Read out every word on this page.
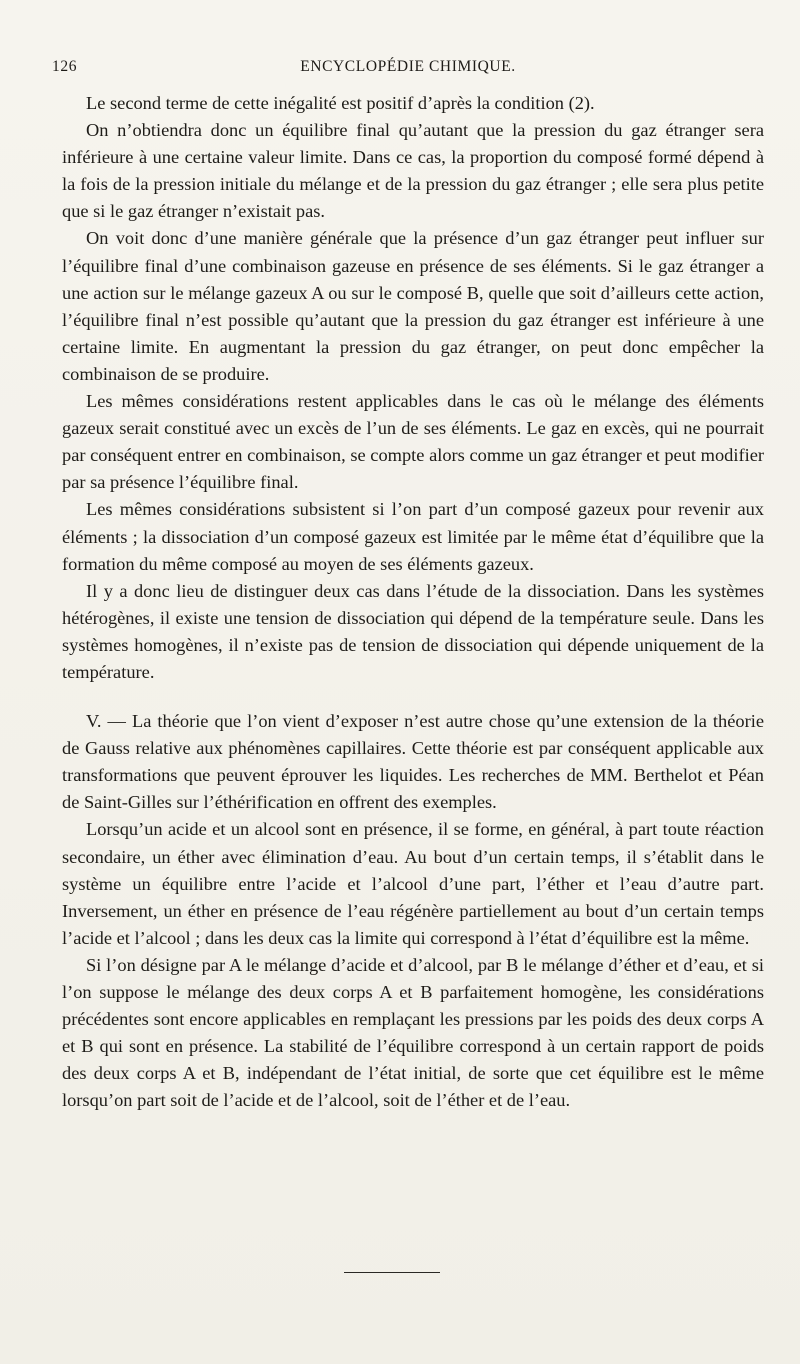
126	ENCYCLOPÉDIE CHIMIQUE.

Le second terme de cette inégalité est positif d’après la condition (2).

On n’obtiendra donc un équilibre final qu’autant que la pression du gaz étranger sera inférieure à une certaine valeur limite. Dans ce cas, la proportion du composé formé dépend à la fois de la pression initiale du mélange et de la pression du gaz étranger ; elle sera plus petite que si le gaz étranger n’existait pas.

On voit donc d’une manière générale que la présence d’un gaz étranger peut influer sur l’équilibre final d’une combinaison gazeuse en présence de ses éléments. Si le gaz étranger a une action sur le mélange gazeux A ou sur le composé B, quelle que soit d’ailleurs cette action, l’équilibre final n’est possible qu’autant que la pression du gaz étranger est inférieure à une certaine limite. En augmentant la pression du gaz étranger, on peut donc empêcher la combinaison de se produire.

Les mêmes considérations restent applicables dans le cas où le mélange des éléments gazeux serait constitué avec un excès de l’un de ses éléments. Le gaz en excès, qui ne pourrait par conséquent entrer en combinaison, se compte alors comme un gaz étranger et peut modifier par sa présence l’équilibre final.

Les mêmes considérations subsistent si l’on part d’un composé gazeux pour revenir aux éléments ; la dissociation d’un composé gazeux est limitée par le même état d’équilibre que la formation du même composé au moyen de ses éléments gazeux.

Il y a donc lieu de distinguer deux cas dans l’étude de la dissociation. Dans les systèmes hétérogènes, il existe une tension de dissociation qui dépend de la température seule. Dans les systèmes homogènes, il n’existe pas de tension de dissociation qui dépende uniquement de la température.

V. — La théorie que l’on vient d’exposer n’est autre chose qu’une extension de la théorie de Gauss relative aux phénomènes capillaires. Cette théorie est par conséquent applicable aux transformations que peuvent éprouver les liquides. Les recherches de MM. Berthelot et Péan de Saint-Gilles sur l’éthérification en offrent des exemples.

Lorsqu’un acide et un alcool sont en présence, il se forme, en général, à part toute réaction secondaire, un éther avec élimination d’eau. Au bout d’un certain temps, il s’établit dans le système un équilibre entre l’acide et l’alcool d’une part, l’éther et l’eau d’autre part. Inversement, un éther en présence de l’eau régénère partiellement au bout d’un certain temps l’acide et l’alcool ; dans les deux cas la limite qui correspond à l’état d’équilibre est la même.

Si l’on désigne par A le mélange d’acide et d’alcool, par B le mélange d’éther et d’eau, et si l’on suppose le mélange des deux corps A et B parfaitement homogène, les considérations précédentes sont encore applicables en remplaçant les pressions par les poids des deux corps A et B qui sont en présence. La stabilité de l’équilibre correspond à un certain rapport de poids des deux corps A et B, indépendant de l’état initial, de sorte que cet équilibre est le même lorsqu’on part soit de l’acide et de l’alcool, soit de l’éther et de l’eau.
